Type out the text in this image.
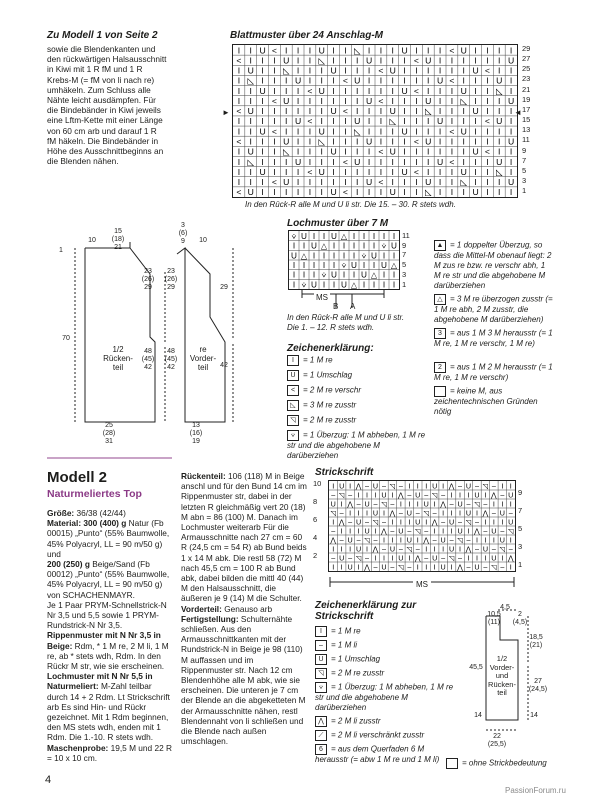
Zu Modell 1 von Seite 2
sowie die Blendenkanten und den rückwärtigen Halsausschnitt in Kiwi mit 1 R fM und 1 R Krebs-M (= fM von li nach re) umhäkeln. Zum Schluss alle Nähte leicht ausdämpfen. Für die Bindebänder in Kiwi jeweils eine Lftm-Kette mit einer Länge von 60 cm arb und darauf 1 R fM häkeln. Die Bindebänder in Höhe des Ausschnittbeginns an die Blenden nähen.
Blattmuster über 24 Anschlag-M
I I U < I I I U I I ◺ I I I U I I I < U I I I I
< I I I U I I ◺ I I I U I I I < U I I I I I I U
I U I I ◺ I I I U I I I < U I I I I I I U < I I
I ◺ I I I U I I I < U I I I I I I U < I I I U I
I I U I I I < U I I I I I I U < I I I U I I ◺ I
I I I < U I I I I I I U < I I I U I I ◺ I I I U
< U I I I I I I U < I I I U I I ◺ I I I U I I I
I I I I I U < I I I U I I ◺ I I I U I I I < U I
I I U < I I I U I I ◺ I I I U I I I < U I I I I
< I I I U I I ◺ I I I U I I I < U I I I I I I U
I U I I ◺ I I I U I I I < U I I I I I I U < I I
I ◺ I I I U I I I < U I I I I I I U < I I I U I
I I U I I I < U I I I I I I U < I I I U I I ◺ I
I I I < U I I I I I I U < I I I U I I ◺ I I I U
< U I I I I I I U < I I I U I I ◺ I I I U I I I
29
27
25
23
21
19
17
15
13
11
9
7
5
3
1
◄
►
In den Rück-R alle M und U li str. Die 15. – 30. R stets wdh.
15
(18)
21
10
3
(6)
9	10
1
70
23
(26)
29
23
(26)
29
48
(45)
42
48
(45)
42
29
42
25
(28)
31
13
(16)
19
1/2
Rücken-
teil
re
Vorder-
teil
Lochmuster über 7 M
⩒ U I I U △ I I I I I
I I U △ I I I I I ⩒ U
U △ I I I I I ⩒ U I I
I I I I I ⩒ U I I U △
I I I ⩒ U I I U △ I I
I ⩒ U I I U △ I I I I
11
9
7
5
3
1
MS
B A
In den Rück-R alle M und U li str. Die 1. – 12. R stets wdh.
Zeichenerklärung:
I = 1 M re
U = 1 Umschlag
< = 2 M re verschr
◺ = 3 M re zusstr
◹ = 2 M re zusstr
⩒ = 1 Überzug: 1 M abheben, 1 M re str und die abgehobene M darüberziehen
▲ = 1 doppelter Überzug, so dass die Mittel-M obenauf liegt: 2 M zus re bzw. re verschr abh, 1 M re str und die abgehobene M darüberziehen
△ = 3 M re überzogen zusstr (= 1 M re abh, 2 M zusstr, die abgehobene M darüberziehen)
3 = aus 1 M 3 M herausstr (= 1 M re, 1 M re verschr, 1 M re)
2 = aus 1 M 2 M herausstr (= 1 M re, 1 M re verschr)
= keine M, aus zeichentechnischen Gründen nötig
Modell 2
Naturmeliertes Top
Größe: 36/38 (42/44)
Material: 300 (400) g Natur (Fb 00015) „Punto“ (55% Baumwolle, 45% Polyacryl, LL = 90 m/50 g) und
200 (250) g Beige/Sand (Fb 00012) „Punto“ (55% Baumwolle, 45% Polyacryl, LL = 90 m/50 g) von SCHACHENMAYR.
Je 1 Paar PRYM-Schnellstrick-N Nr 3,5 und 5,5 sowie 1 PRYM-Rundstrick-N Nr 3,5.
Rippenmuster mit N Nr 3,5 in Beige: Rdm, * 1 M re, 2 M li, 1 M re, ab * stets wdh, Rdm. In den Rückr M str, wie sie erscheinen.
Lochmuster mit N Nr 5,5 in Naturmeliert: M-Zahl teilbar durch 14 + 2 Rdm. Lt Strickschrift arb Es sind Hin- und Rückr gezeichnet. Mit 1 Rdm beginnen, den MS stets wdh, enden mit 1 Rdm. Die 1.-10. R stets wdh.
Maschenprobe: 19,5 M und 22 R = 10 x 10 cm.
Rückenteil: 106 (118) M in Beige anschl und für den Bund 14 cm im Rippenmuster str, dabei in der letzten R gleichmäßig vert 20 (18) M abn = 86 (100) M. Danach im Lochmuster weiterarb Für die Armausschnitte nach 27 cm = 60 R (24,5 cm = 54 R) ab Bund beids 1 x 14 M abk. Die restl 58 (72) M nach 45,5 cm = 100 R ab Bund abk, dabei bilden die mittl 40 (44) M den Halsausschnitt, die äußeren je 9 (14) M die Schulter.
Vorderteil: Genauso arb
Fertigstellung: Schulternähte schließen. Aus den Armausschnittkanten mit der Rundstrick-N in Beige je 98 (110) M auffassen und im Rippenmuster str. Nach 12 cm Blendenhöhe alle M abk, wie sie erscheinen. Die unteren je 7 cm der Blende an die abgeketteten M der Armausschnitte nähen, restl Blendennaht von li schließen und die Blende nach außen umschlagen.
Strickschrift
10
8
6
4
2
I U I ⋀ – U – ◹ – I I I U I ⋀ – U – ◹ – I I
– ◹ – I I I U I ⋀ – U – ◹ – I I I U I ⋀ – U
U I ⋀ – U – ◹ – I I I U I ⋀ – U – ◹ – I I I
◹ – I I I U I ⋀ – U – ◹ – I I I U I ⋀ – U –
I ⋀ – U – ◹ – I I I U I ⋀ – U – ◹ – I I I U
– I I I U I ⋀ – U – ◹ – I I I U I ⋀ – U – ◹
⋀ – U – ◹ – I I I U I ⋀ – U – ◹ – I I I U I
I I I U I ⋀ – U – ◹ – I I I U I ⋀ – U – ◹ –
– U – ◹ – I I I U I ⋀ – U – ◹ – I I I U I ⋀
I I U I ⋀ – U – ◹ – I I I U I ⋀ – U – ◹ – I
9
7
5
3
1
MS
Zeichenerklärung zur Strickschrift
I = 1 M re
– = 1 M li
U = 1 Umschlag
◹ = 2 M re zusstr
⩒ = 1 Überzug: 1 M abheben, 1 M re str und die abgehobene M darüberziehen
⋀ = 2 M li zusstr
⟋ = 2 M li verschränkt zusstr
6 = aus dem Querfaden 6 M herausstr (= abw 1 M re und 1 M li)	= ohne Strickbedeutung
4,5
10,5
(11)
2
(4,5)
18,5
(21)
45,5
27
(24,5)
14	14
22
(25,5)
1/2
Vorder-
und
Rücken-
teil
4
PassionForum.ru
